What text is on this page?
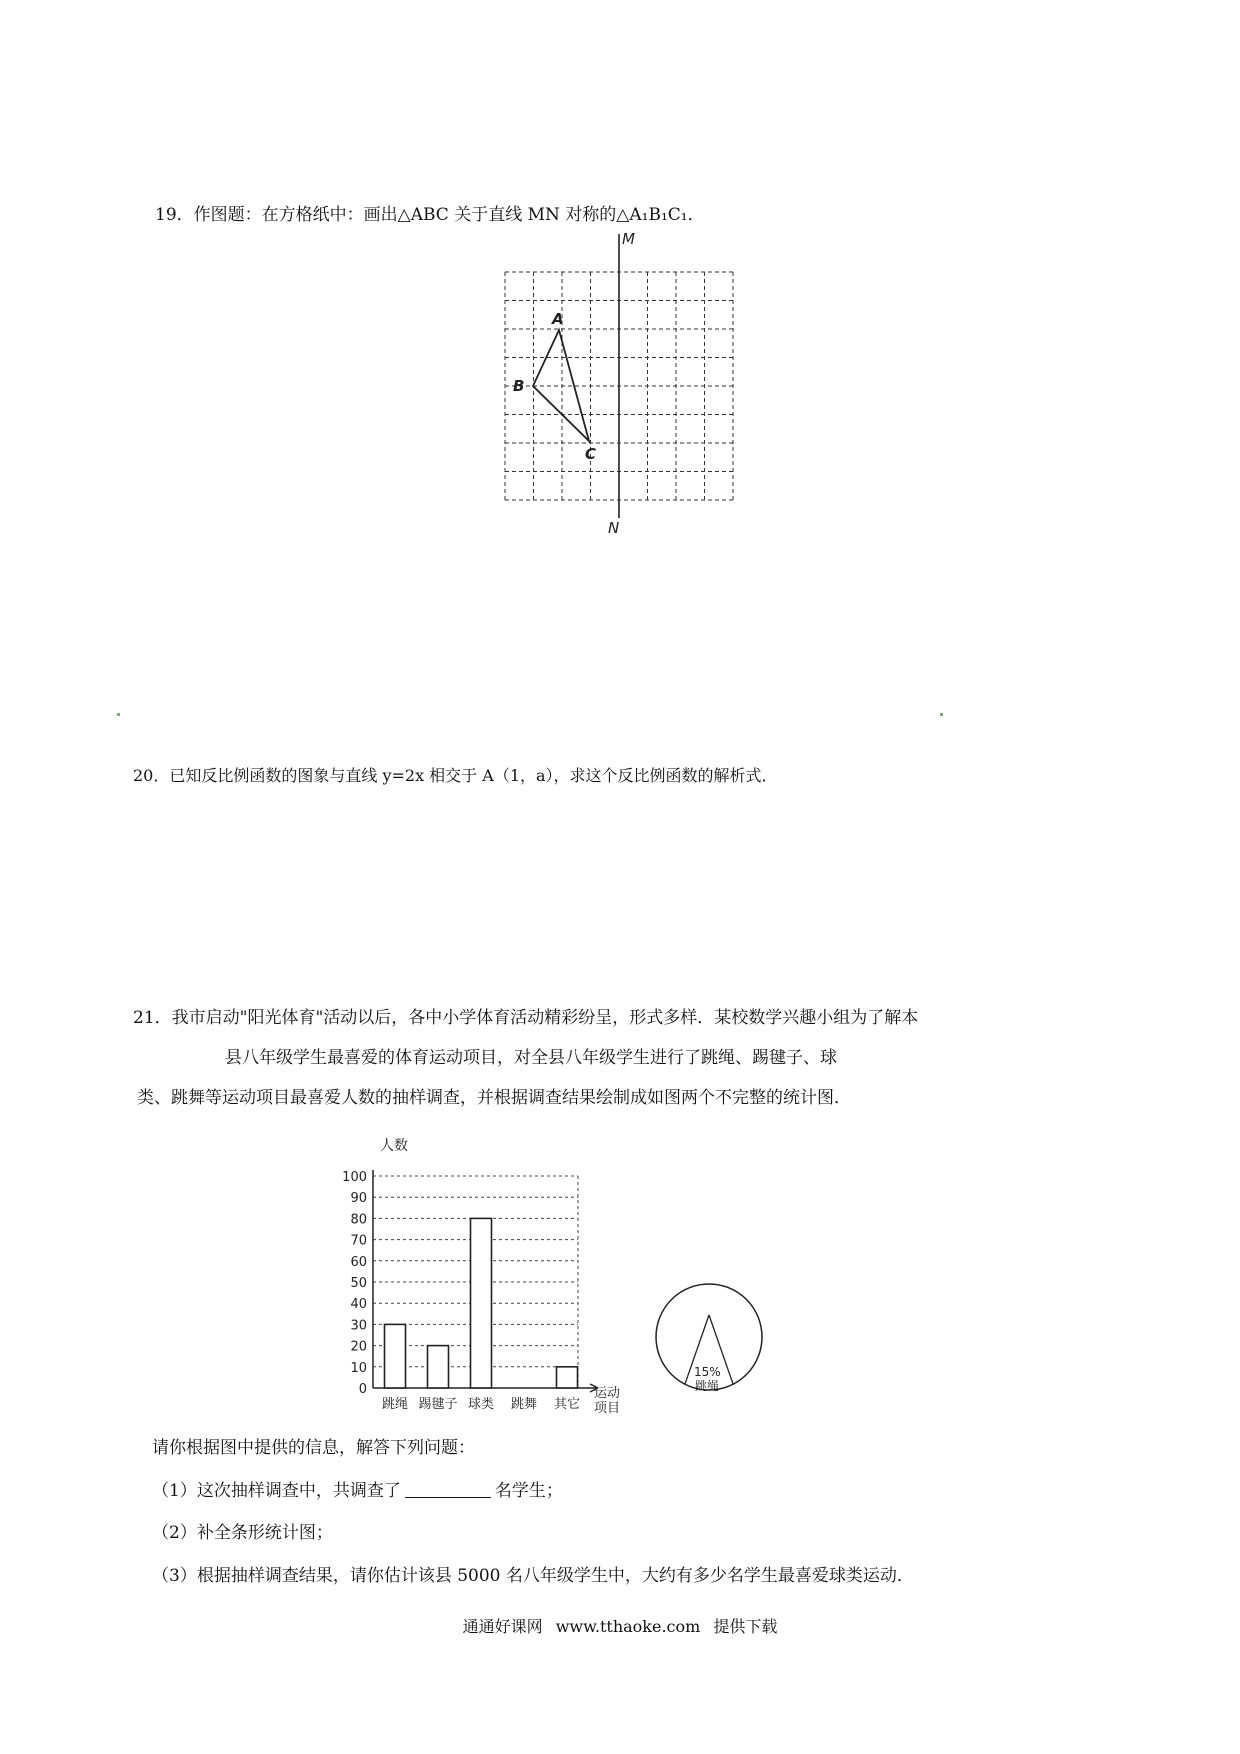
19．作图题：在方格纸中：画出△ABC 关于直线 MN 对称的△A₁B₁C₁．
M
N
A
B
C
20．已知反比例函数的图象与直线 y=2x 相交于 A（1，a），求这个反比例函数的解析式．
21．我市启动"阳光体育"活动以后，各中小学体育活动精彩纷呈，形式多样．某校数学兴趣小组为了解本
县八年级学生最喜爱的体育运动项目，对全县八年级学生进行了跳绳、踢毽子、球
类、跳舞等运动项目最喜爱人数的抽样调查，并根据调查结果绘制成如图两个不完整的统计图．
人数
0
10
20
30
40
50
60
70
80
90
100
跳绳 踢毽子 球类 跳舞 其它
运动
项目
15%
跳绳
请你根据图中提供的信息，解答下列问题：
（1）这次抽样调查中，共调查了	名学生；
（2）补全条形统计图；
（3）根据抽样调查结果，请你估计该县 5000 名八年级学生中，大约有多少名学生最喜爱球类运动．
通通好课网 www.tthaoke.com 提供下载
